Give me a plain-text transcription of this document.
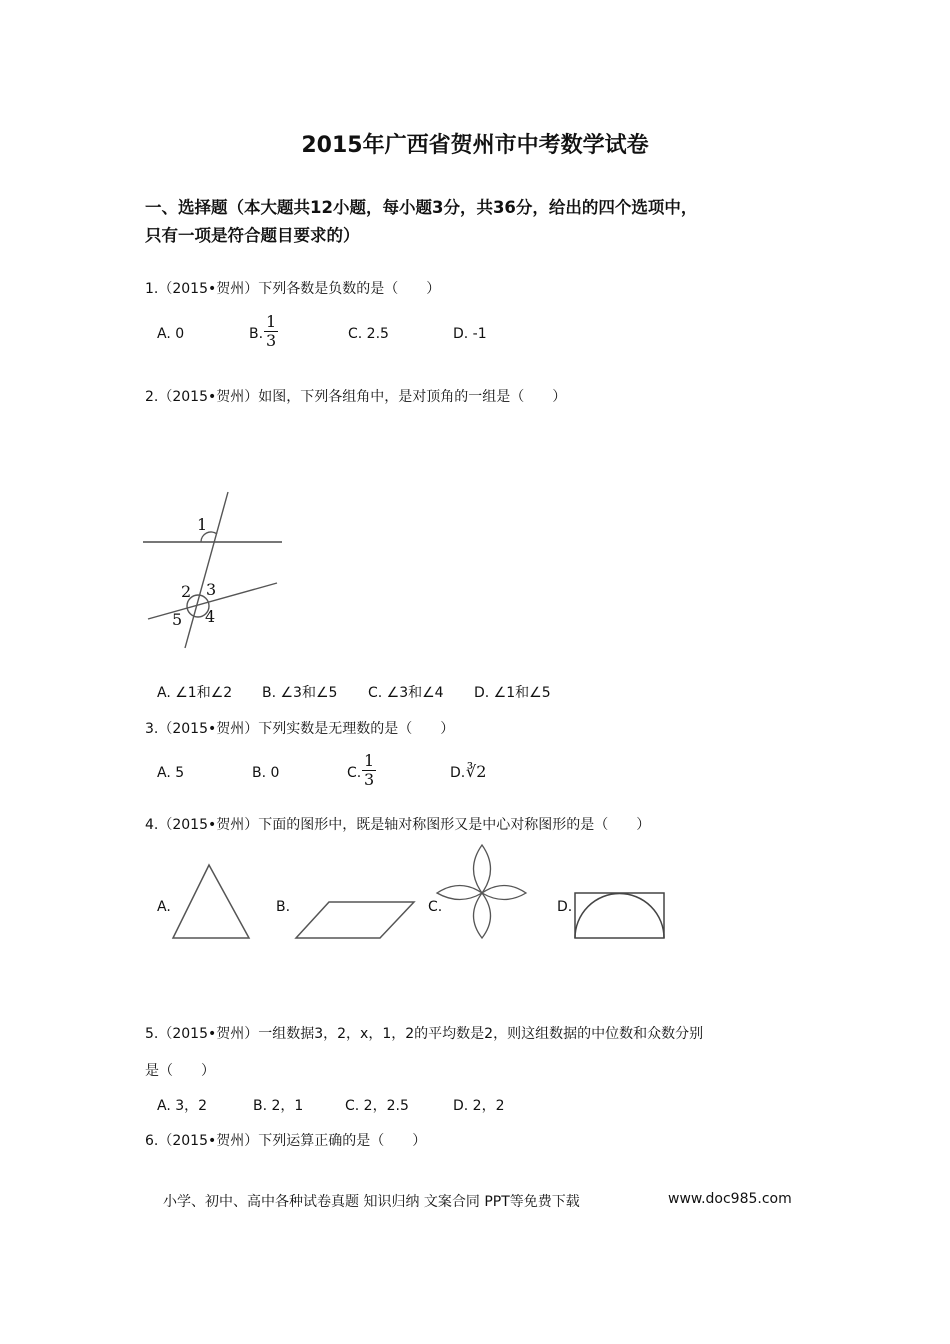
2015年广西省贺州市中考数学试卷
一、选择题（本大题共12小题，每小题3分，共36分，给出的四个选项中，
只有一项是符合题目要求的）
1.（2015•贺州）下列各数是负数的是（　　）
A. 0	B. $\frac{1}{3}$	C. 2.5	D. -1
2.（2015•贺州）如图，下列各组角中，是对顶角的一组是（　　）
1
2 3
4
5
A. ∠1和∠2 B. ∠3和∠5 C. ∠3和∠4 D. ∠1和∠5
3.（2015•贺州）下列实数是无理数的是（　　）
A. 5	B. 0	C. $\frac{1}{3}$	D. ∛2
4.（2015•贺州）下面的图形中，既是轴对称图形又是中心对称图形的是（　　）
A.	B.	C.	D.
5.（2015•贺州）一组数据3，2，x，1，2的平均数是2，则这组数据的中位数和众数分别
是（　　）
A. 3，2	B. 2，1	C. 2，2.5	D. 2，2
6.（2015•贺州）下列运算正确的是（　　）
小学、初中、高中各种试卷真题 知识归纳 文案合同 PPT等免费下载	www.doc985.com
